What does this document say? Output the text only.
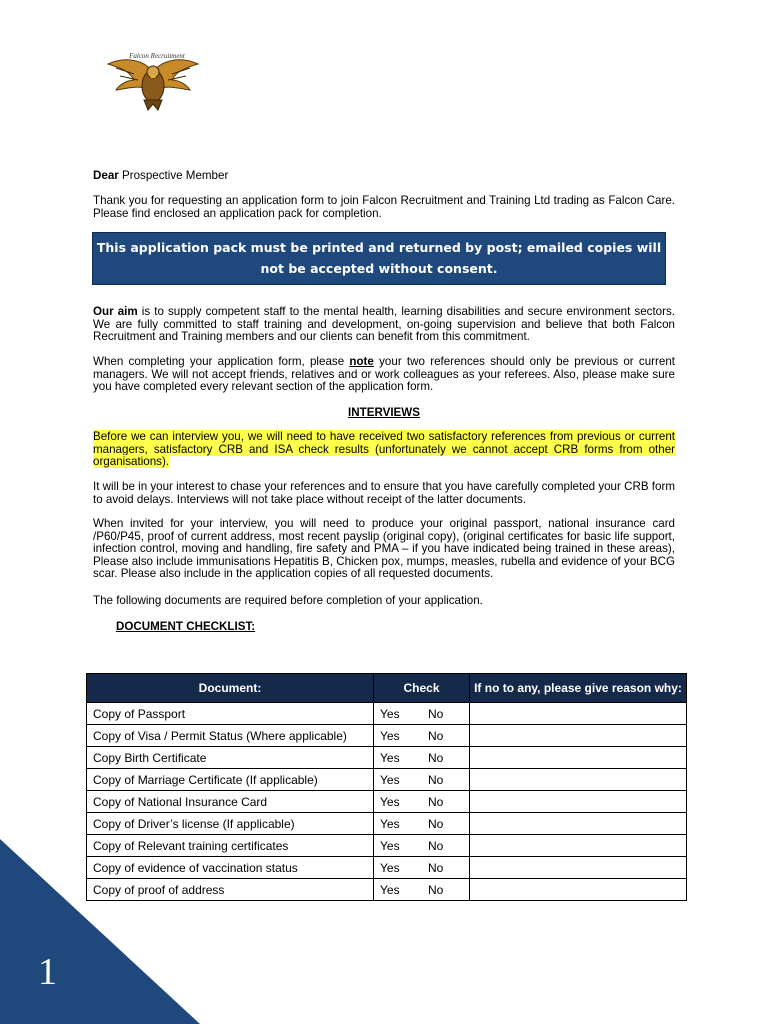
Falcon Recruitment
Dear Prospective Member

Thank you for requesting an application form to join Falcon Recruitment and Training Ltd trading as Falcon Care. Please find enclosed an application pack for completion.

This application pack must be printed and returned by post; emailed copies will not be accepted without consent.

Our aim is to supply competent staff to the mental health, learning disabilities and secure environment sectors. We are fully committed to staff training and development, on-going supervision and believe that both Falcon Recruitment and Training members and our clients can benefit from this commitment.

When completing your application form, please note your two references should only be previous or current managers. We will not accept friends, relatives and or work colleagues as your referees. Also, please make sure you have completed every relevant section of the application form.

INTERVIEWS

Before we can interview you, we will need to have received two satisfactory references from previous or current managers, satisfactory CRB and ISA check results (unfortunately we cannot accept CRB forms from other organisations).

It will be in your interest to chase your references and to ensure that you have carefully completed your CRB form to avoid delays. Interviews will not take place without receipt of the latter documents.

When invited for your interview, you will need to produce your original passport, national insurance card /P60/P45, proof of current address, most recent payslip (original copy), (original certificates for basic life support, infection control, moving and handling, fire safety and PMA – if you have indicated being trained in these areas), Please also include immunisations Hepatitis B, Chicken pox, mumps, measles, rubella and evidence of your BCG scar. Please also include in the application copies of all requested documents.

The following documents are required before completion of your application.

DOCUMENT CHECKLIST:
Document:	Check	If no to any, please give reason why:
Copy of Passport	Yes No	
Copy of Visa / Permit Status (Where applicable)	Yes No	
Copy Birth Certificate	Yes No	
Copy of Marriage Certificate (If applicable)	Yes No	
Copy of National Insurance Card	Yes No	
Copy of Driver’s license (If applicable)	Yes No	
Copy of Relevant training certificates	Yes No	
Copy of evidence of vaccination status	Yes No	
Copy of proof of address	Yes No	
1
